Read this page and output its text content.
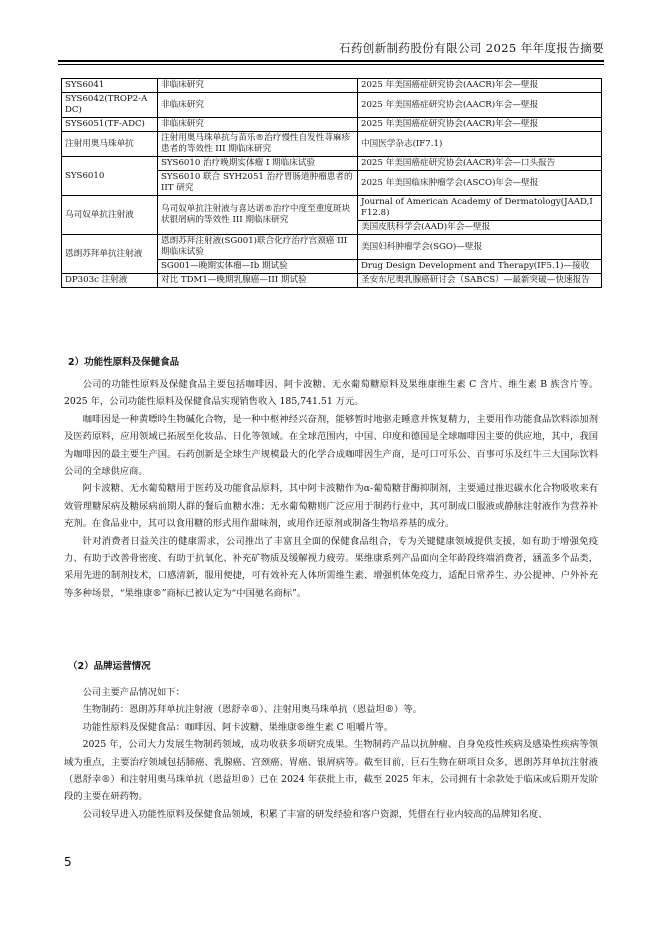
石药创新制药股份有限公司 2025 年年度报告摘要
SYS6041	非临床研究	2025 年美国癌症研究协会(AACR)年会—壁报
SYS6042(TROP2-ADC)	非临床研究	2025 年美国癌症研究协会(AACR)年会—壁报
SYS6051(TF-ADC)	非临床研究	2025 年美国癌症研究协会(AACR)年会—壁报
注射用奥马珠单抗	注射用奥马珠单抗与苗乐®治疗慢性自发性荨麻疹患者的等效性 III 期临床研究	中国医学杂志(IF7.1)
SYS6010	SYS6010 治疗晚期实体瘤 I 期临床试验	2025 年美国癌症研究协会(AACR)年会—口头报告
	SYS6010 联合 SYH2051 治疗胃肠道肿瘤患者的 IIT 研究	2025 年美国临床肿瘤学会(ASCO)年会—壁报
乌司奴单抗注射液	乌司奴单抗注射液与喜达诺®治疗中度至重度斑块状银屑病的等效性 III 期临床研究	Journal of American Academy of Dermatology(JAAD,IF12.8)
		美国皮肤科学会(AAD)年会—壁报
恩朗苏拜单抗注射液	恩朗苏拜注射液(SG001)联合化疗治疗宫颈癌 III 期临床试验	美国妇科肿瘤学会(SGO)—壁报
	SG001—晚期实体瘤—Ib 期试验	Drug Design Development and Therapy(IF5.1)—接收
DP303c 注射液	对比 TDM1—晚期乳腺癌—III 期试验	圣安东尼奥乳腺癌研讨会（SABCS）—最新突破—快速报告
2）功能性原料及保健食品

公司的功能性原料及保健食品主要包括咖啡因、阿卡波糖、无水葡萄糖原料及果维康维生素 C 含片、维生素 B 族含片等。2025 年，公司功能性原料及保健食品实现销售收入 185,741.51 万元。

咖啡因是一种黄嘌呤生物碱化合物，是一种中枢神经兴奋剂，能够暂时地驱走睡意并恢复精力，主要用作功能食品饮料添加剂及医药原料，应用领域已拓展至化妆品、日化等领域。在全球范围内，中国、印度和德国是全球咖啡因主要的供应地，其中，我国为咖啡因的最主要生产国。石药创新是全球生产规模最大的化学合成咖啡因生产商，是可口可乐公、百事可乐及红牛三大国际饮料公司的全球供应商。

阿卡波糖、无水葡萄糖用于医药及功能食品原料，其中阿卡波糖作为α-葡萄糖苷酶抑制剂，主要通过推迟碳水化合物吸收来有效管理糖尿病及糖尿病前期人群的餐后血糖水准；无水葡萄糖则广泛应用于制药行业中，其可制成口服液或静脉注射液作为营养补充剂。在食品业中，其可以食用糖的形式用作甜味剂，或用作还原剂或制备生物培养基的成分。

针对消费者日益关注的健康需求，公司推出了丰富且全面的保健食品组合，专为关键健康领域提供支援，如有助于增强免疫力、有助于改善骨密度、有助于抗氧化、补充矿物质及缓解视力疲劳。果维康系列产品面向全年龄段终端消费者，涵盖多个品类，采用先进的制剂技术，口感清新，服用便捷，可有效补充人体所需维生素、增强机体免疫力，适配日常养生、办公提神、户外补充等多种场景，“果维康®”商标已被认定为“中国驰名商标”。

（2）品牌运营情况

公司主要产品情况如下：

生物制药：恩朗苏拜单抗注射液（恩舒幸®）、注射用奥马珠单抗（恩益坦®）等。

功能性原料及保健食品：咖啡因、阿卡波糖、果维康®维生素 C 咀嚼片等。

2025 年，公司大力发展生物制药领域，成功收获多项研究成果。生物制药产品以抗肿瘤、自身免疫性疾病及感染性疾病等领域为重点，主要治疗领域包括肺癌、乳腺癌、宫颈癌、胃癌、银屑病等。截至目前，巨石生物在研项目众多，恩朗苏拜单抗注射液（恩舒幸®）和注射用奥马珠单抗（恩益坦®）已在 2024 年获批上市，截至 2025 年末，公司拥有十余款处于临床或后期开发阶段的主要在研药物。

公司较早进入功能性原料及保健食品领域，积累了丰富的研发经验和客户资源，凭借在行业内较高的品牌知名度、

5
